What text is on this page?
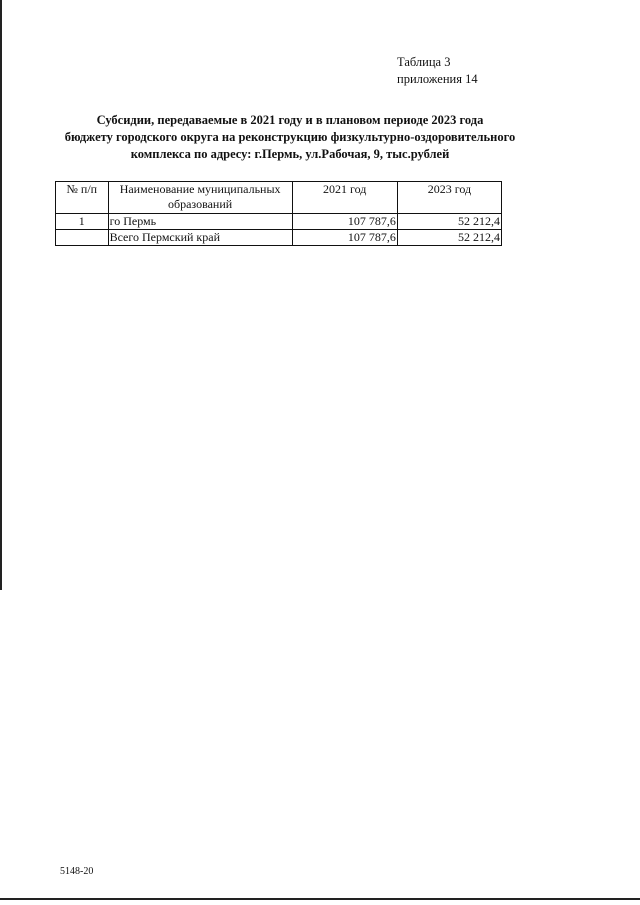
Таблица 3
приложения 14
Субсидии, передаваемые в 2021 году и в плановом периоде 2023 года
бюджету городского округа на реконструкцию физкультурно-оздоровительного
комплекса по адресу: г.Пермь, ул.Рабочая, 9, тыс.рублей
№ п/п	Наименование муниципальных образований	2021 год	2023 год
1	го Пермь	107 787,6	52 212,4
	Всего Пермский край	107 787,6	52 212,4
5148-20
